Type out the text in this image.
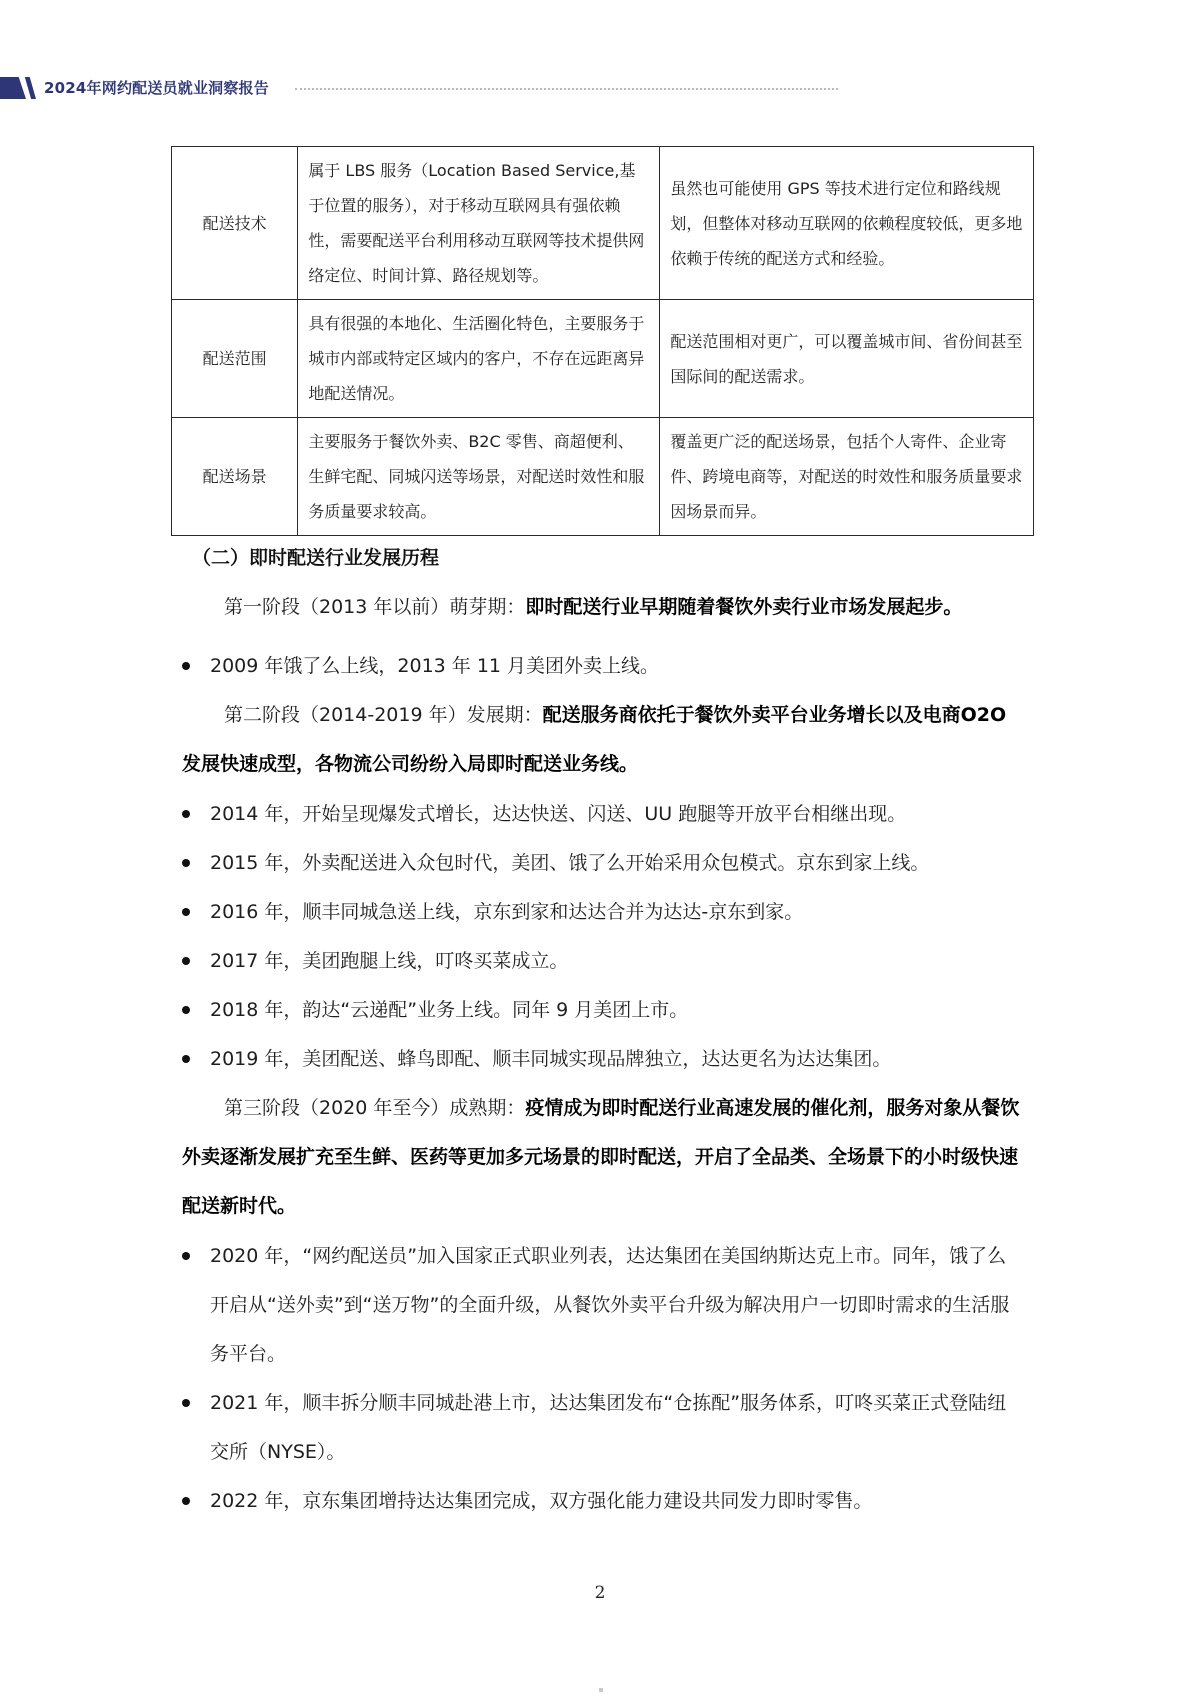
2024年网约配送员就业洞察报告
配送技术	属于 LBS 服务（Location Based Service,基于位置的服务），对于移动互联网具有强依赖性，需要配送平台利用移动互联网等技术提供网络定位、时间计算、路径规划等。	虽然也可能使用 GPS 等技术进行定位和路线规划，但整体对移动互联网的依赖程度较低，更多地依赖于传统的配送方式和经验。
配送范围	具有很强的本地化、生活圈化特色，主要服务于城市内部或特定区域内的客户，不存在远距离异地配送情况。	配送范围相对更广，可以覆盖城市间、省份间甚至国际间的配送需求。
配送场景	主要服务于餐饮外卖、B2C 零售、商超便利、生鲜宅配、同城闪送等场景，对配送时效性和服务质量要求较高。	覆盖更广泛的配送场景，包括个人寄件、企业寄件、跨境电商等，对配送的时效性和服务质量要求因场景而异。
（二）即时配送行业发展历程
第一阶段（2013 年以前）萌芽期：即时配送行业早期随着餐饮外卖行业市场发展起步。
2009 年饿了么上线，2013 年 11 月美团外卖上线。
第二阶段（2014-2019 年）发展期：配送服务商依托于餐饮外卖平台业务增长以及电商O2O 发展快速成型，各物流公司纷纷入局即时配送业务线。
2014 年，开始呈现爆发式增长，达达快送、闪送、UU 跑腿等开放平台相继出现。
2015 年，外卖配送进入众包时代，美团、饿了么开始采用众包模式。京东到家上线。
2016 年，顺丰同城急送上线，京东到家和达达合并为达达-京东到家。
2017 年，美团跑腿上线，叮咚买菜成立。
2018 年，韵达“云递配”业务上线。同年 9 月美团上市。
2019 年，美团配送、蜂鸟即配、顺丰同城实现品牌独立，达达更名为达达集团。
第三阶段（2020 年至今）成熟期：疫情成为即时配送行业高速发展的催化剂，服务对象从餐饮外卖逐渐发展扩充至生鲜、医药等更加多元场景的即时配送，开启了全品类、全场景下的小时级快速配送新时代。
2020 年，“网约配送员”加入国家正式职业列表，达达集团在美国纳斯达克上市。同年，饿了么开启从“送外卖”到“送万物”的全面升级，从餐饮外卖平台升级为解决用户一切即时需求的生活服务平台。
2021 年，顺丰拆分顺丰同城赴港上市，达达集团发布“仓拣配”服务体系，叮咚买菜正式登陆纽交所（NYSE）。
2022 年，京东集团增持达达集团完成，双方强化能力建设共同发力即时零售。
2
